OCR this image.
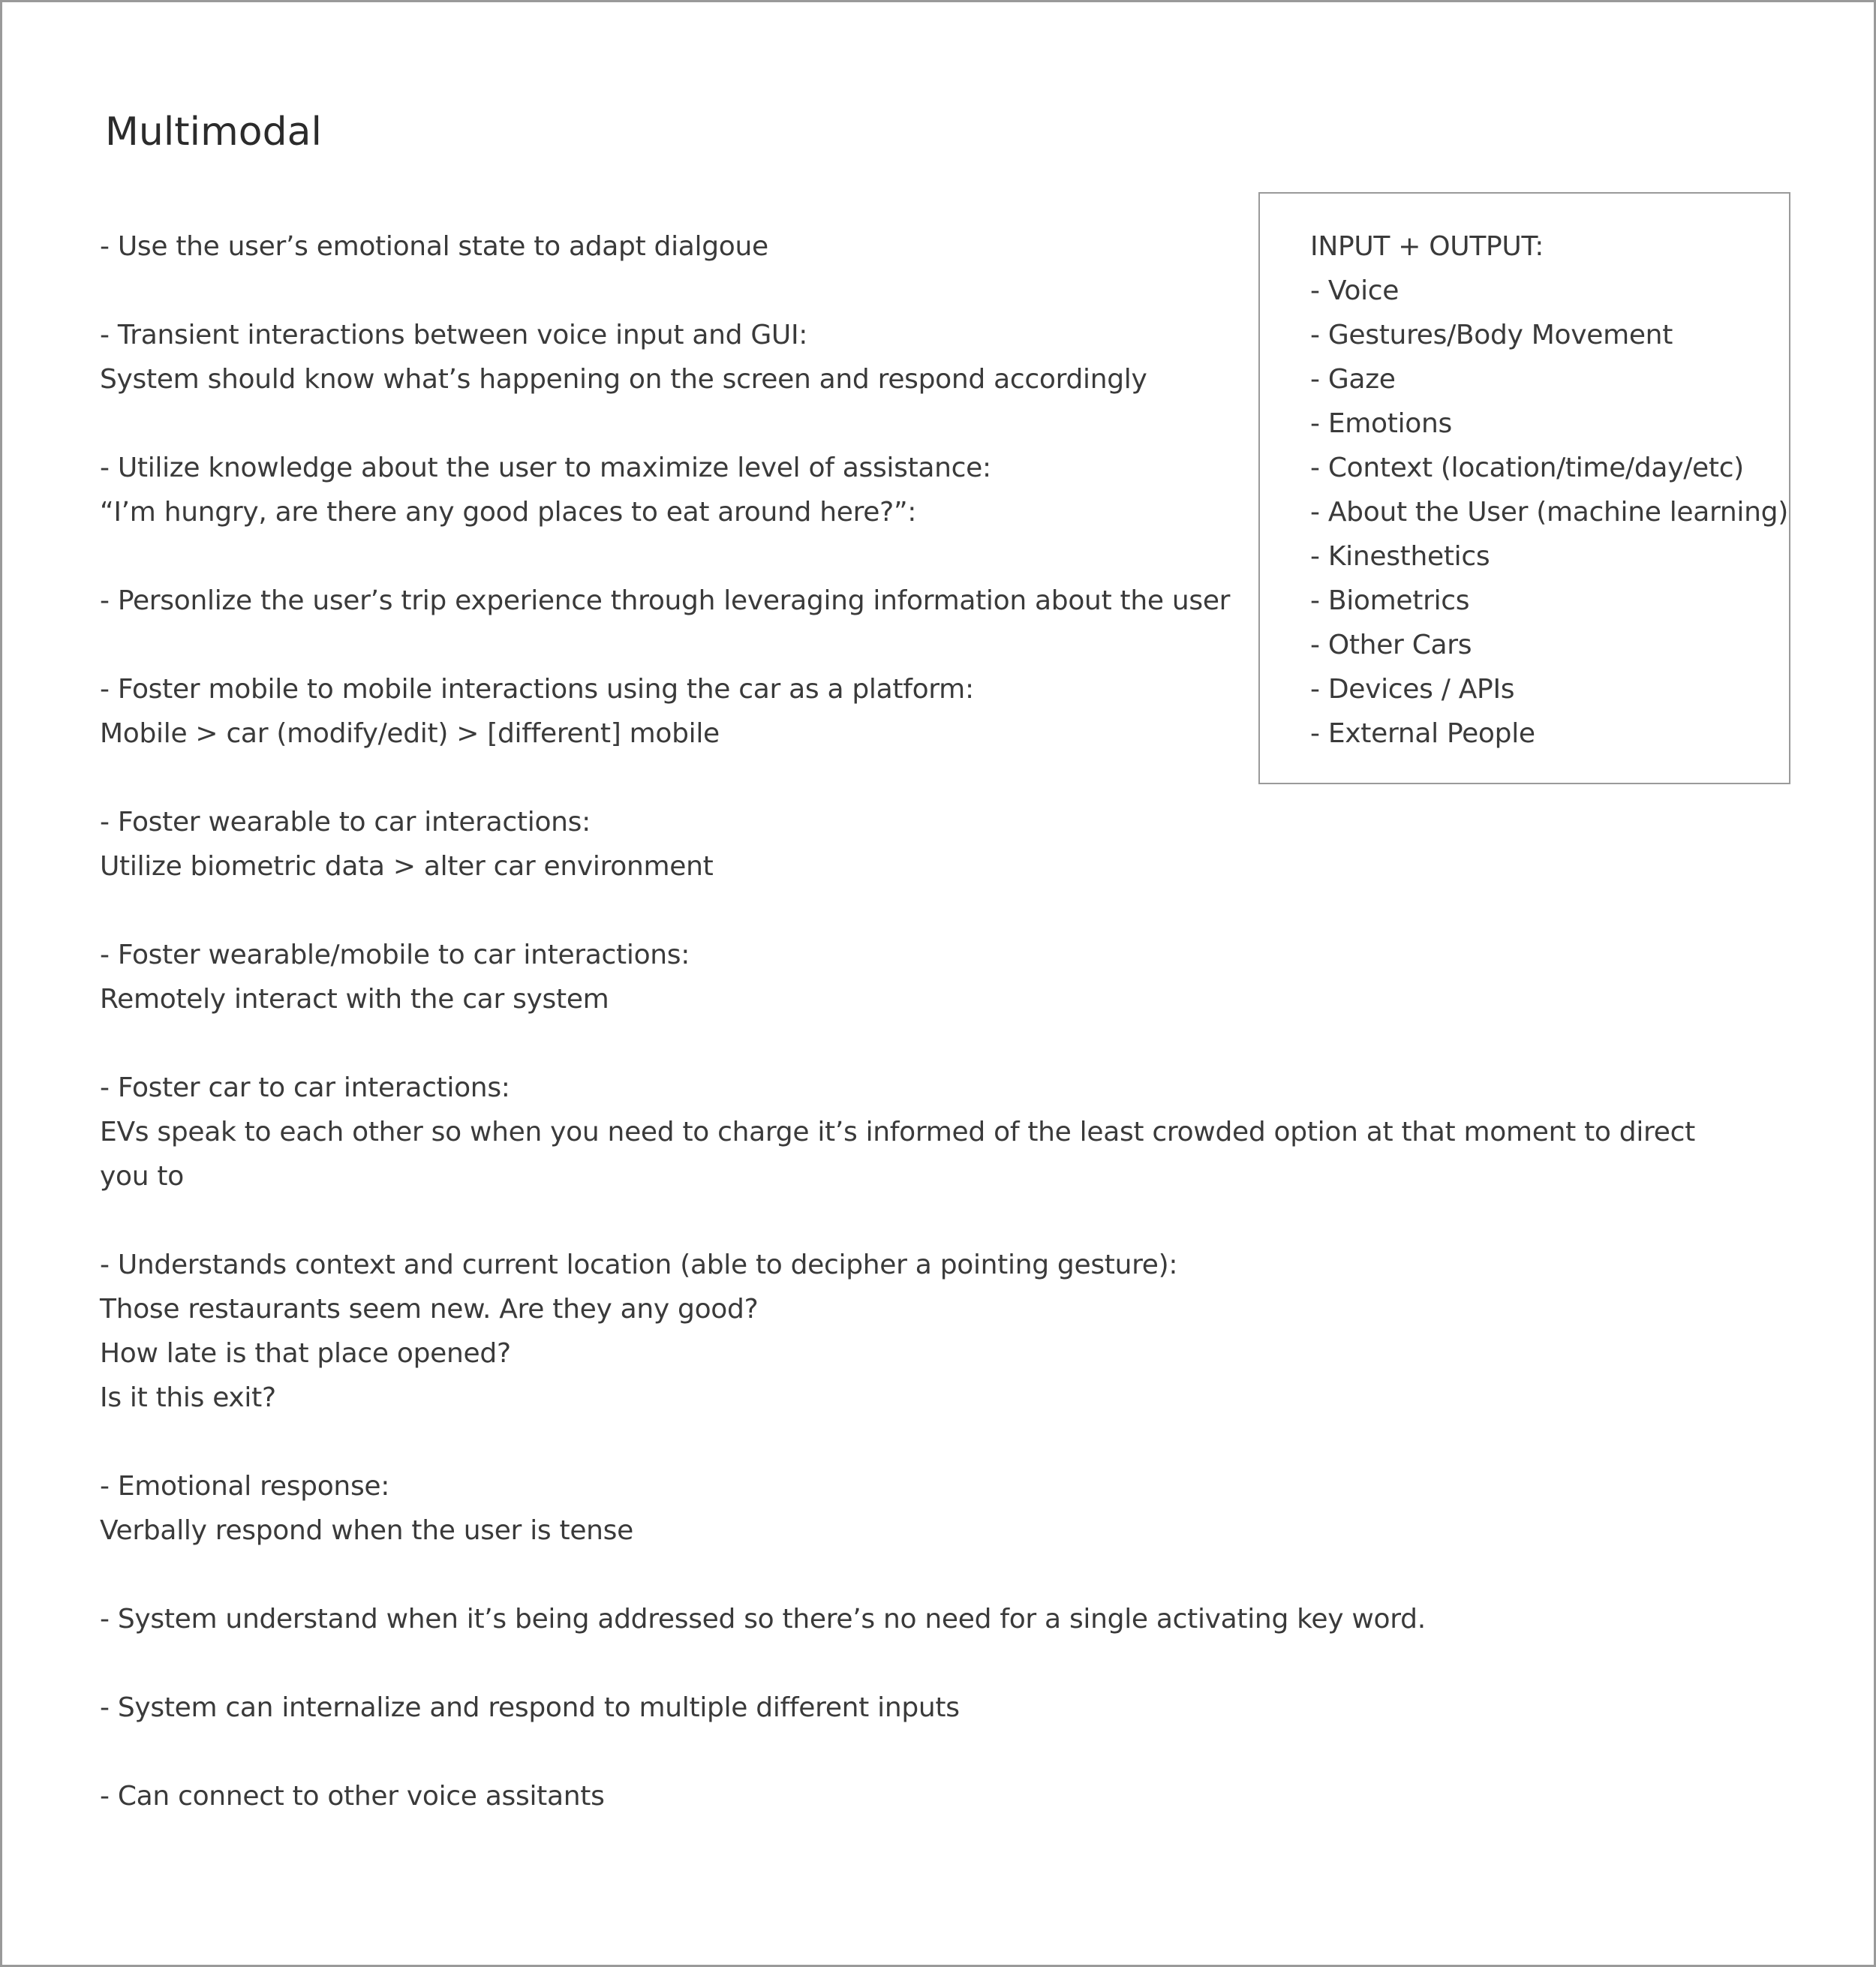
Multimodal
- Use the user’s emotional state to adapt dialgoue
- Transient interactions between voice input and GUI:
System should know what’s happening on the screen and respond accordingly
- Utilize knowledge about the user to maximize level of assistance:
“I’m hungry, are there any good places to eat around here?”:
- Personlize the user’s trip experience through leveraging information about the user
- Foster mobile to mobile interactions using the car as a platform:
Mobile > car (modify/edit) > [different] mobile
- Foster wearable to car interactions:
Utilize biometric data > alter car environment
- Foster wearable/mobile to car interactions:
Remotely interact with the car system
- Foster car to car interactions:
EVs speak to each other so when you need to charge it’s informed of the least crowded option at that moment to direct
you to
- Understands context and current location (able to decipher a pointing gesture):
Those restaurants seem new. Are they any good?
How late is that place opened?
Is it this exit?
- Emotional response:
Verbally respond when the user is tense
- System understand when it’s being addressed so there’s no need for a single activating key word.
- System can internalize and respond to multiple different inputs
- Can connect to other voice assitants
INPUT + OUTPUT:
- Voice
- Gestures/Body Movement
- Gaze
- Emotions
- Context (location/time/day/etc)
- About the User (machine learning)
- Kinesthetics
- Biometrics
- Other Cars
- Devices / APIs
- External People
